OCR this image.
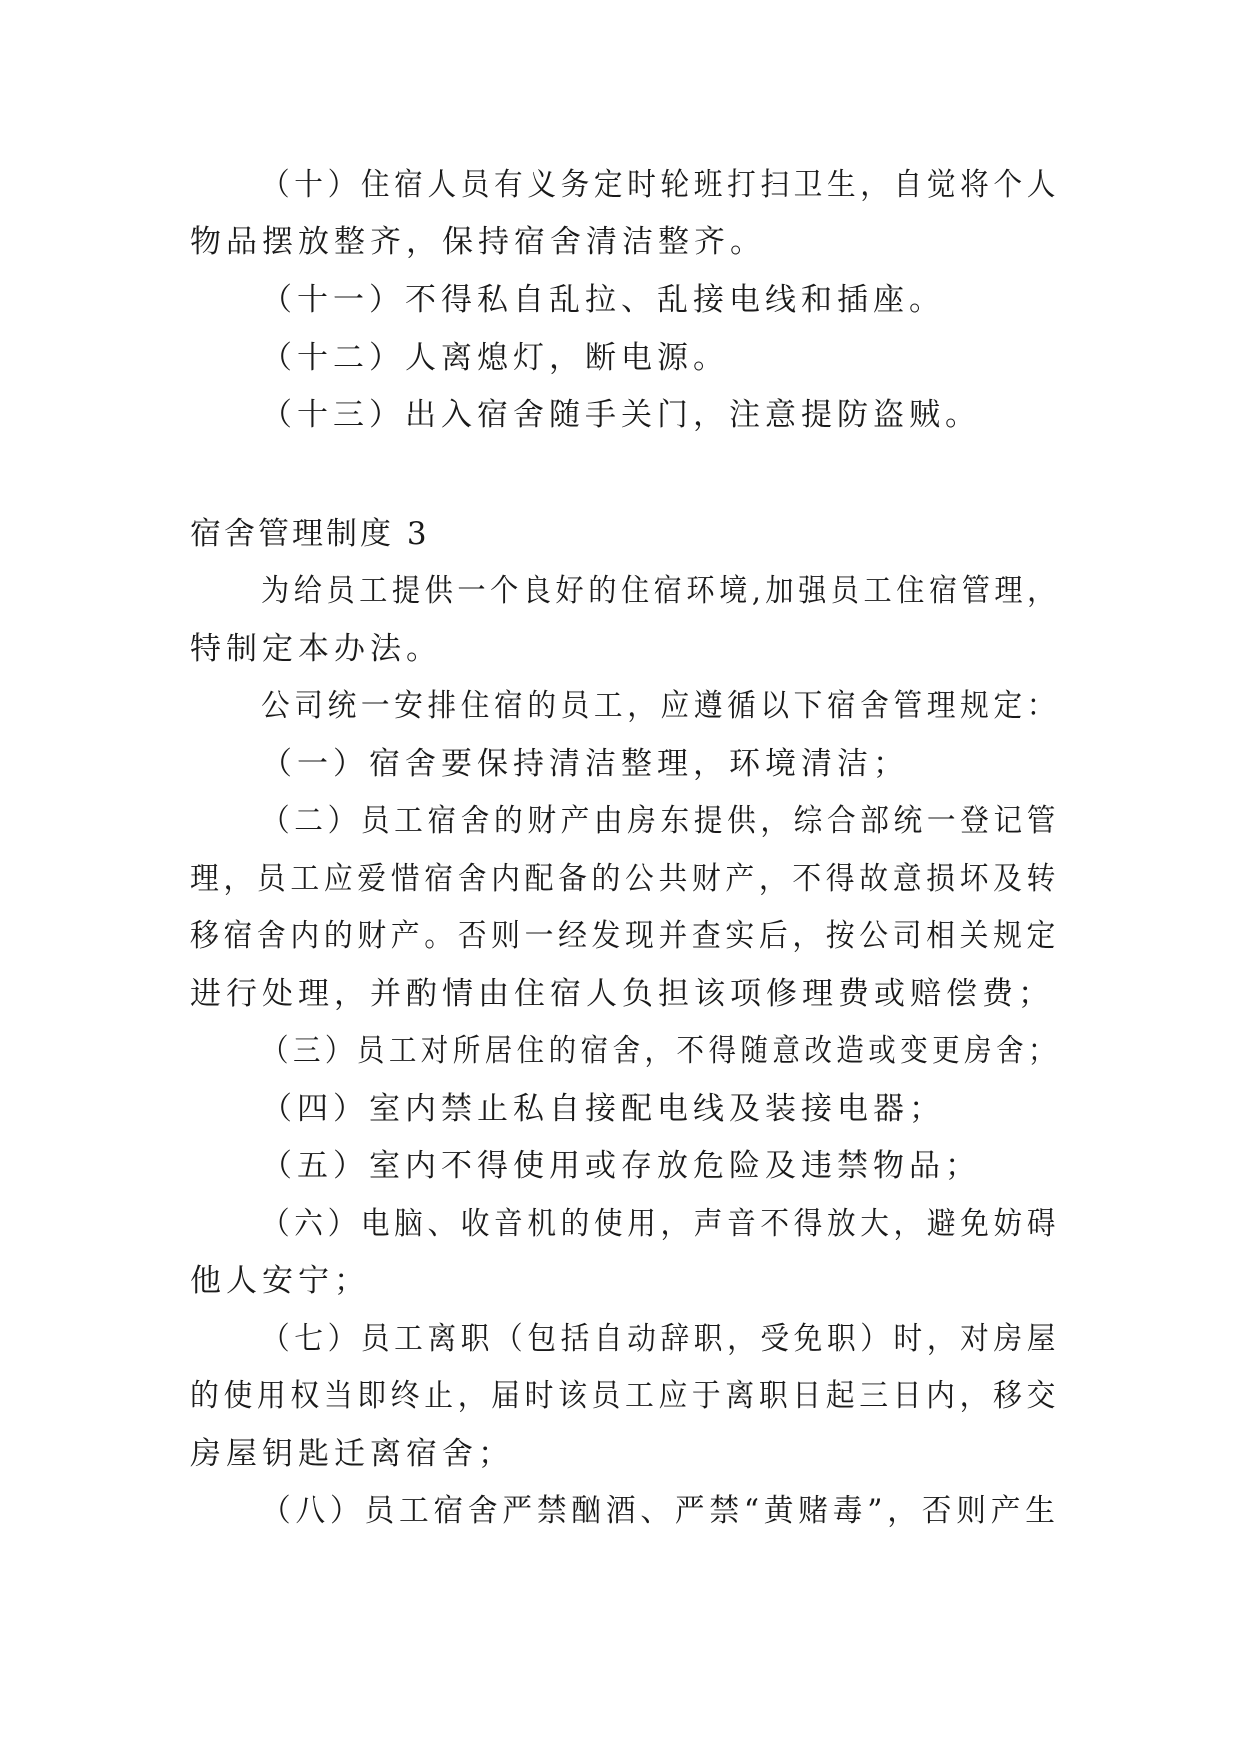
（十）住宿人员有义务定时轮班打扫卫生，自觉将个人
物品摆放整齐，保持宿舍清洁整齐。
（十一）不得私自乱拉、乱接电线和插座。
（十二）人离熄灯，断电源。
（十三）出入宿舍随手关门，注意提防盗贼。
宿舍管理制度 3
为给员工提供一个良好的住宿环境,加强员工住宿管理，
特制定本办法。
公司统一安排住宿的员工，应遵循以下宿舍管理规定：
（一）宿舍要保持清洁整理，环境清洁；
（二）员工宿舍的财产由房东提供，综合部统一登记管
理，员工应爱惜宿舍内配备的公共财产，不得故意损坏及转
移宿舍内的财产。否则一经发现并查实后，按公司相关规定
进行处理，并酌情由住宿人负担该项修理费或赔偿费；
（三）员工对所居住的宿舍，不得随意改造或变更房舍；
（四）室内禁止私自接配电线及装接电器；
（五）室内不得使用或存放危险及违禁物品；
（六）电脑、收音机的使用，声音不得放大，避免妨碍
他人安宁；
（七）员工离职（包括自动辞职，受免职）时，对房屋
的使用权当即终止，届时该员工应于离职日起三日内，移交
房屋钥匙迁离宿舍；
（八）员工宿舍严禁酗酒、严禁“黄赌毒”，否则产生
